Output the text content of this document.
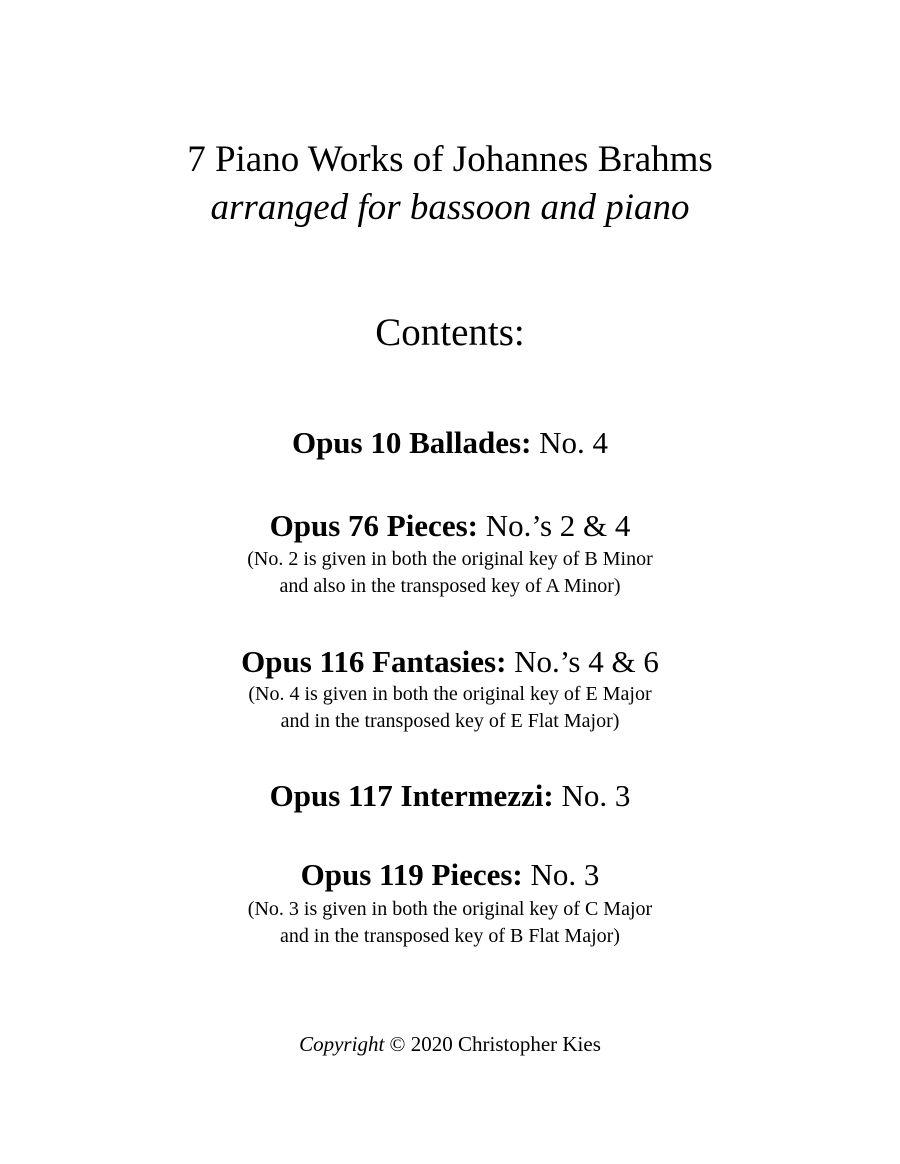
7 Piano Works of Johannes Brahms
arranged for bassoon and piano
Contents:
Opus 10 Ballades: No. 4
Opus 76 Pieces: No.’s 2 & 4
(No. 2 is given in both the original key of B Minor
and also in the transposed key of A Minor)
Opus 116 Fantasies: No.’s 4 & 6
(No. 4 is given in both the original key of E Major
and in the transposed key of E Flat Major)
Opus 117 Intermezzi: No. 3
Opus 119 Pieces: No. 3
(No. 3 is given in both the original key of C Major
and in the transposed key of B Flat Major)
Copyright © 2020 Christopher Kies
